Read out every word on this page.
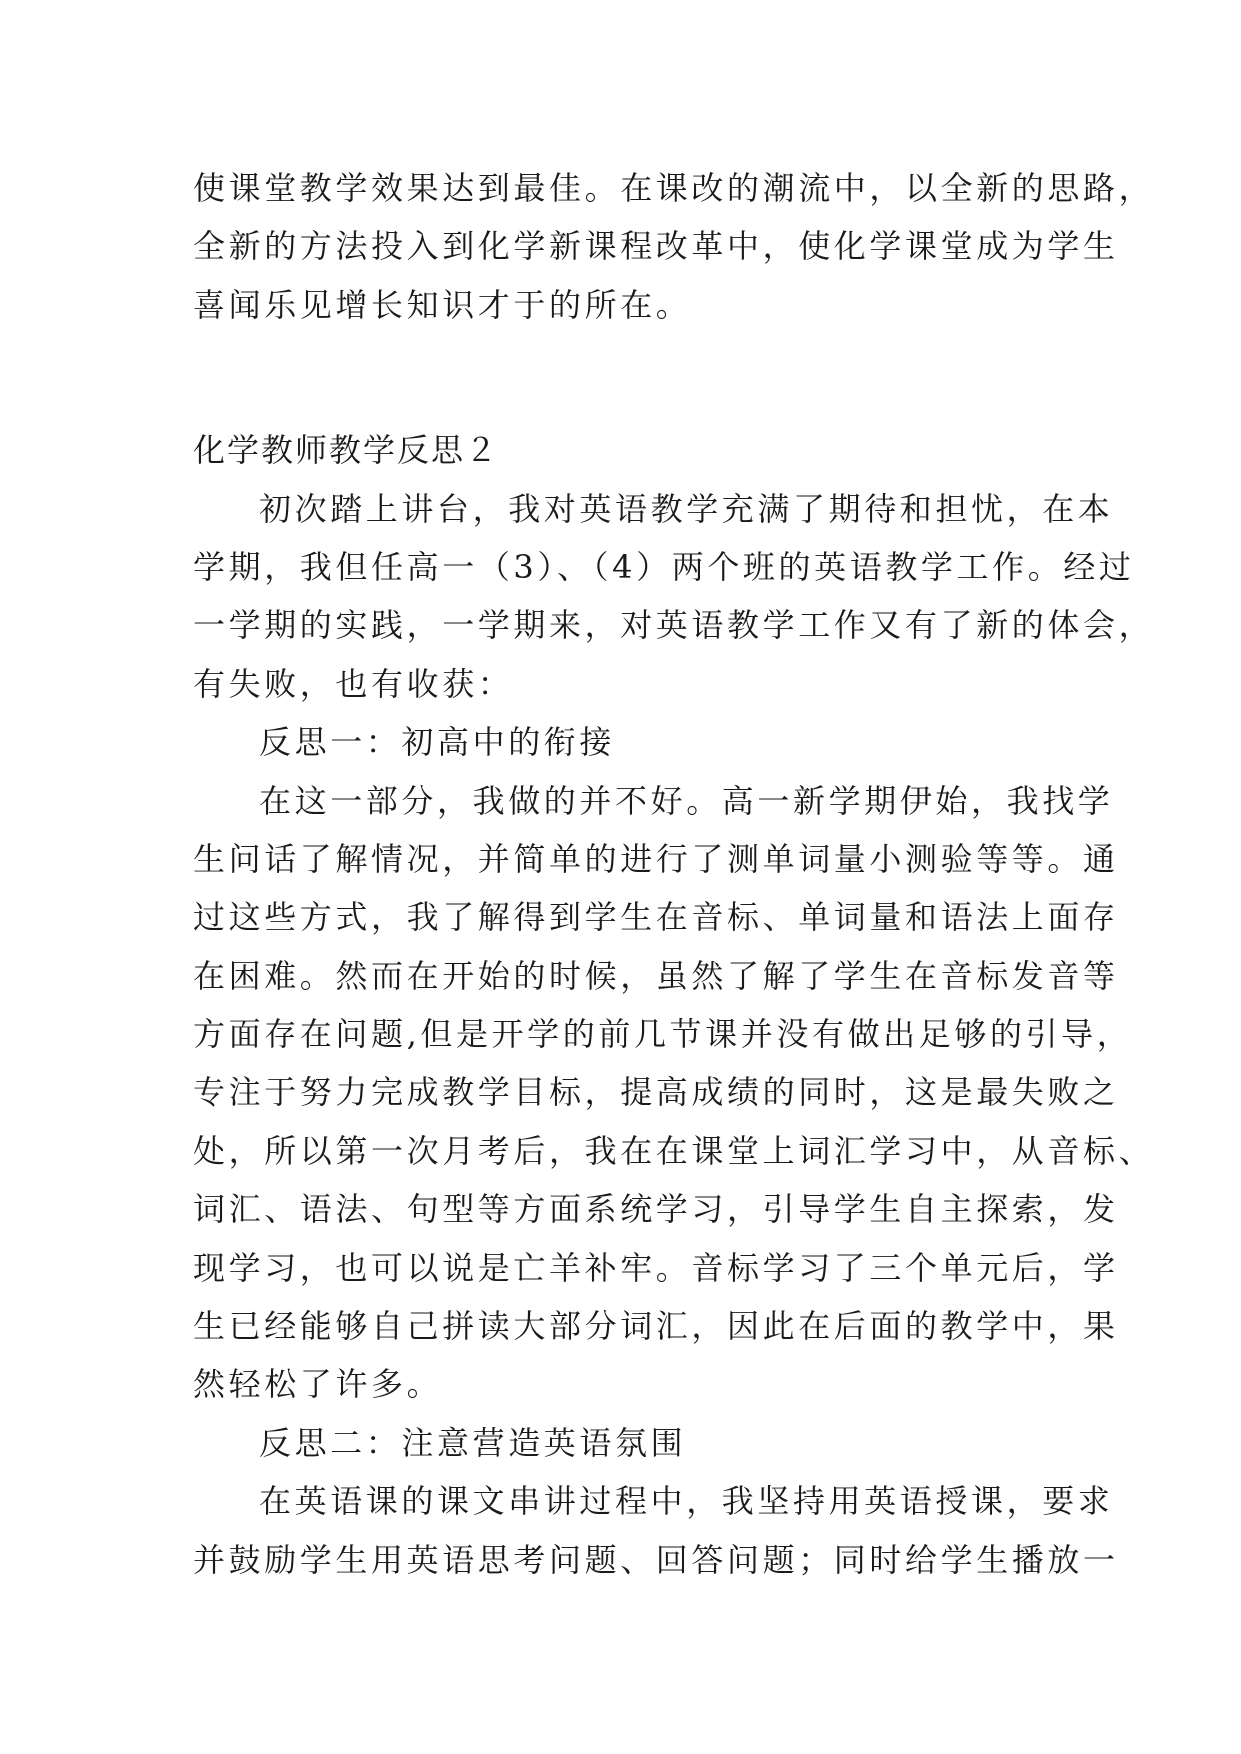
使课堂教学效果达到最佳。在课改的潮流中，以全新的思路，
全新的方法投入到化学新课程改革中，使化学课堂成为学生
喜闻乐见增长知识才于的所在。
化学教师教学反思２
初次踏上讲台，我对英语教学充满了期待和担忧，在本
学期，我但任高一（3）、（4）两个班的英语教学工作。经过
一学期的实践，一学期来，对英语教学工作又有了新的体会，
有失败，也有收获：
反思一：初高中的衔接
在这一部分，我做的并不好。高一新学期伊始，我找学
生问话了解情况，并简单的进行了测单词量小测验等等。通
过这些方式，我了解得到学生在音标、单词量和语法上面存
在困难。然而在开始的时候，虽然了解了学生在音标发音等
方面存在问题,但是开学的前几节课并没有做出足够的引导，
专注于努力完成教学目标，提高成绩的同时，这是最失败之
处，所以第一次月考后，我在在课堂上词汇学习中，从音标、
词汇、语法、句型等方面系统学习，引导学生自主探索，发
现学习，也可以说是亡羊补牢。音标学习了三个单元后，学
生已经能够自己拼读大部分词汇，因此在后面的教学中，果
然轻松了许多。
反思二：注意营造英语氛围
在英语课的课文串讲过程中，我坚持用英语授课，要求
并鼓励学生用英语思考问题、回答问题；同时给学生播放一
